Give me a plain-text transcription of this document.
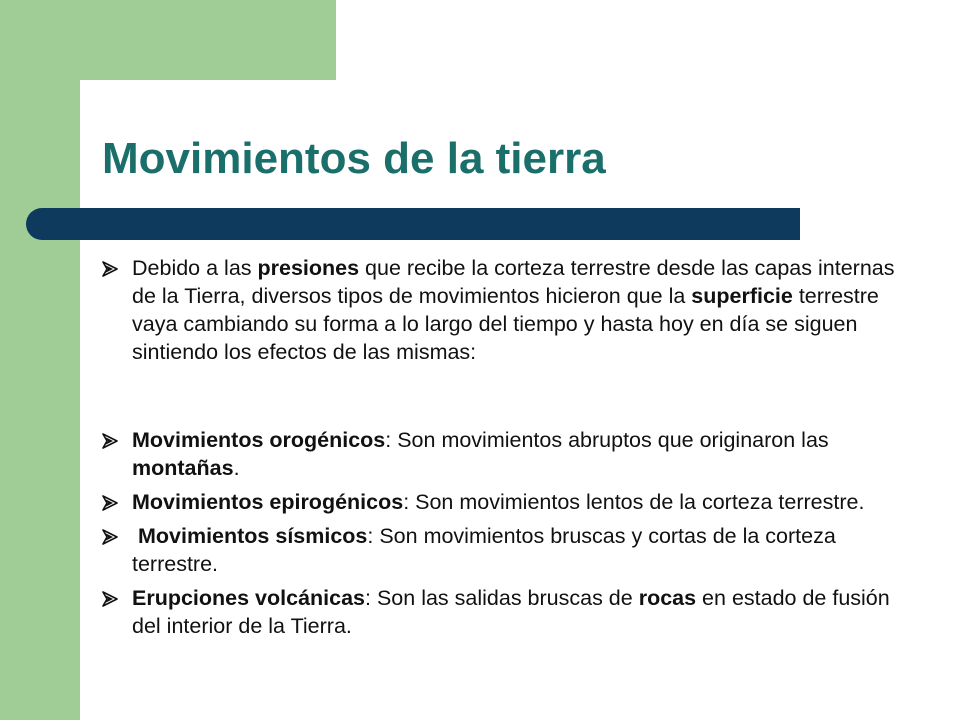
Movimientos de la tierra
Debido a las presiones que recibe la corteza terrestre desde las capas internas de la Tierra, diversos tipos de movimientos hicieron que la superficie terrestre vaya cambiando su forma a lo largo del tiempo y hasta hoy en día se siguen sintiendo los efectos de las mismas:
Movimientos orogénicos: Son movimientos abruptos que originaron las montañas.
Movimientos epirogénicos: Son movimientos lentos de la corteza terrestre.
Movimientos sísmicos: Son movimientos bruscas y cortas de la corteza terrestre.
Erupciones volcánicas: Son las salidas bruscas de rocas en estado de fusión del interior de la Tierra.
